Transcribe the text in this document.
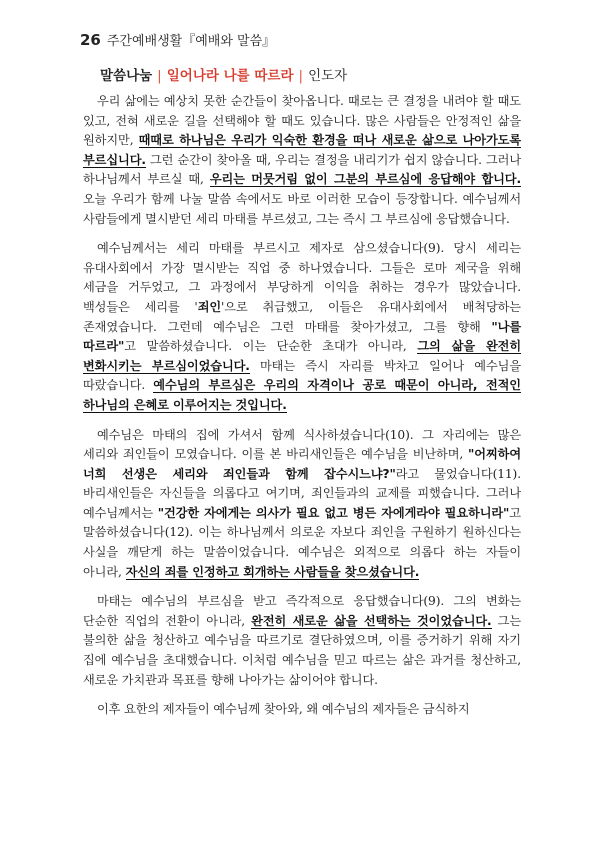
26 주간예배생활『예배와 말씀』
말씀나눔 | 일어나라 나를 따르라 | 인도자

우리 삶에는 예상치 못한 순간들이 찾아옵니다. 때로는 큰 결정을 내려야 할 때도 있고, 전혀 새로운 길을 선택해야 할 때도 있습니다. 많은 사람들은 안정적인 삶을 원하지만, 때때로 하나님은 우리가 익숙한 환경을 떠나 새로운 삶으로 나아가도록 부르십니다. 그런 순간이 찾아올 때, 우리는 결정을 내리기가 쉽지 않습니다. 그러나 하나님께서 부르실 때, 우리는 머뭇거림 없이 그분의 부르심에 응답해야 합니다. 오늘 우리가 함께 나눌 말씀 속에서도 바로 이러한 모습이 등장합니다. 예수님께서 사람들에게 멸시받던 세리 마태를 부르셨고, 그는 즉시 그 부르심에 응답했습니다.

예수님께서는 세리 마태를 부르시고 제자로 삼으셨습니다(9). 당시 세리는 유대사회에서 가장 멸시받는 직업 중 하나였습니다. 그들은 로마 제국을 위해 세금을 거두었고, 그 과정에서 부당하게 이익을 취하는 경우가 많았습니다. 백성들은 세리를 '죄인'으로 취급했고, 이들은 유대사회에서 배척당하는 존재였습니다. 그런데 예수님은 그런 마태를 찾아가셨고, 그를 향해 "나를 따르라"고 말씀하셨습니다. 이는 단순한 초대가 아니라, 그의 삶을 완전히 변화시키는 부르심이었습니다. 마태는 즉시 자리를 박차고 일어나 예수님을 따랐습니다. 예수님의 부르심은 우리의 자격이나 공로 때문이 아니라, 전적인 하나님의 은혜로 이루어지는 것입니다.

예수님은 마태의 집에 가셔서 함께 식사하셨습니다(10). 그 자리에는 많은 세리와 죄인들이 모였습니다. 이를 본 바리새인들은 예수님을 비난하며, "어찌하여 너희 선생은 세리와 죄인들과 함께 잡수시느냐?"라고 물었습니다(11). 바리새인들은 자신들을 의롭다고 여기며, 죄인들과의 교제를 피했습니다. 그러나 예수님께서는 "건강한 자에게는 의사가 필요 없고 병든 자에게라야 필요하니라"고 말씀하셨습니다(12). 이는 하나님께서 의로운 자보다 죄인을 구원하기 원하신다는 사실을 깨닫게 하는 말씀이었습니다. 예수님은 외적으로 의롭다 하는 자들이 아니라, 자신의 죄를 인정하고 회개하는 사람들을 찾으셨습니다.

마태는 예수님의 부르심을 받고 즉각적으로 응답했습니다(9). 그의 변화는 단순한 직업의 전환이 아니라, 완전히 새로운 삶을 선택하는 것이었습니다. 그는 불의한 삶을 청산하고 예수님을 따르기로 결단하였으며, 이를 증거하기 위해 자기 집에 예수님을 초대했습니다. 이처럼 예수님을 믿고 따르는 삶은 과거를 청산하고, 새로운 가치관과 목표를 향해 나아가는 삶이어야 합니다.

이후 요한의 제자들이 예수님께 찾아와, 왜 예수님의 제자들은 금식하지
